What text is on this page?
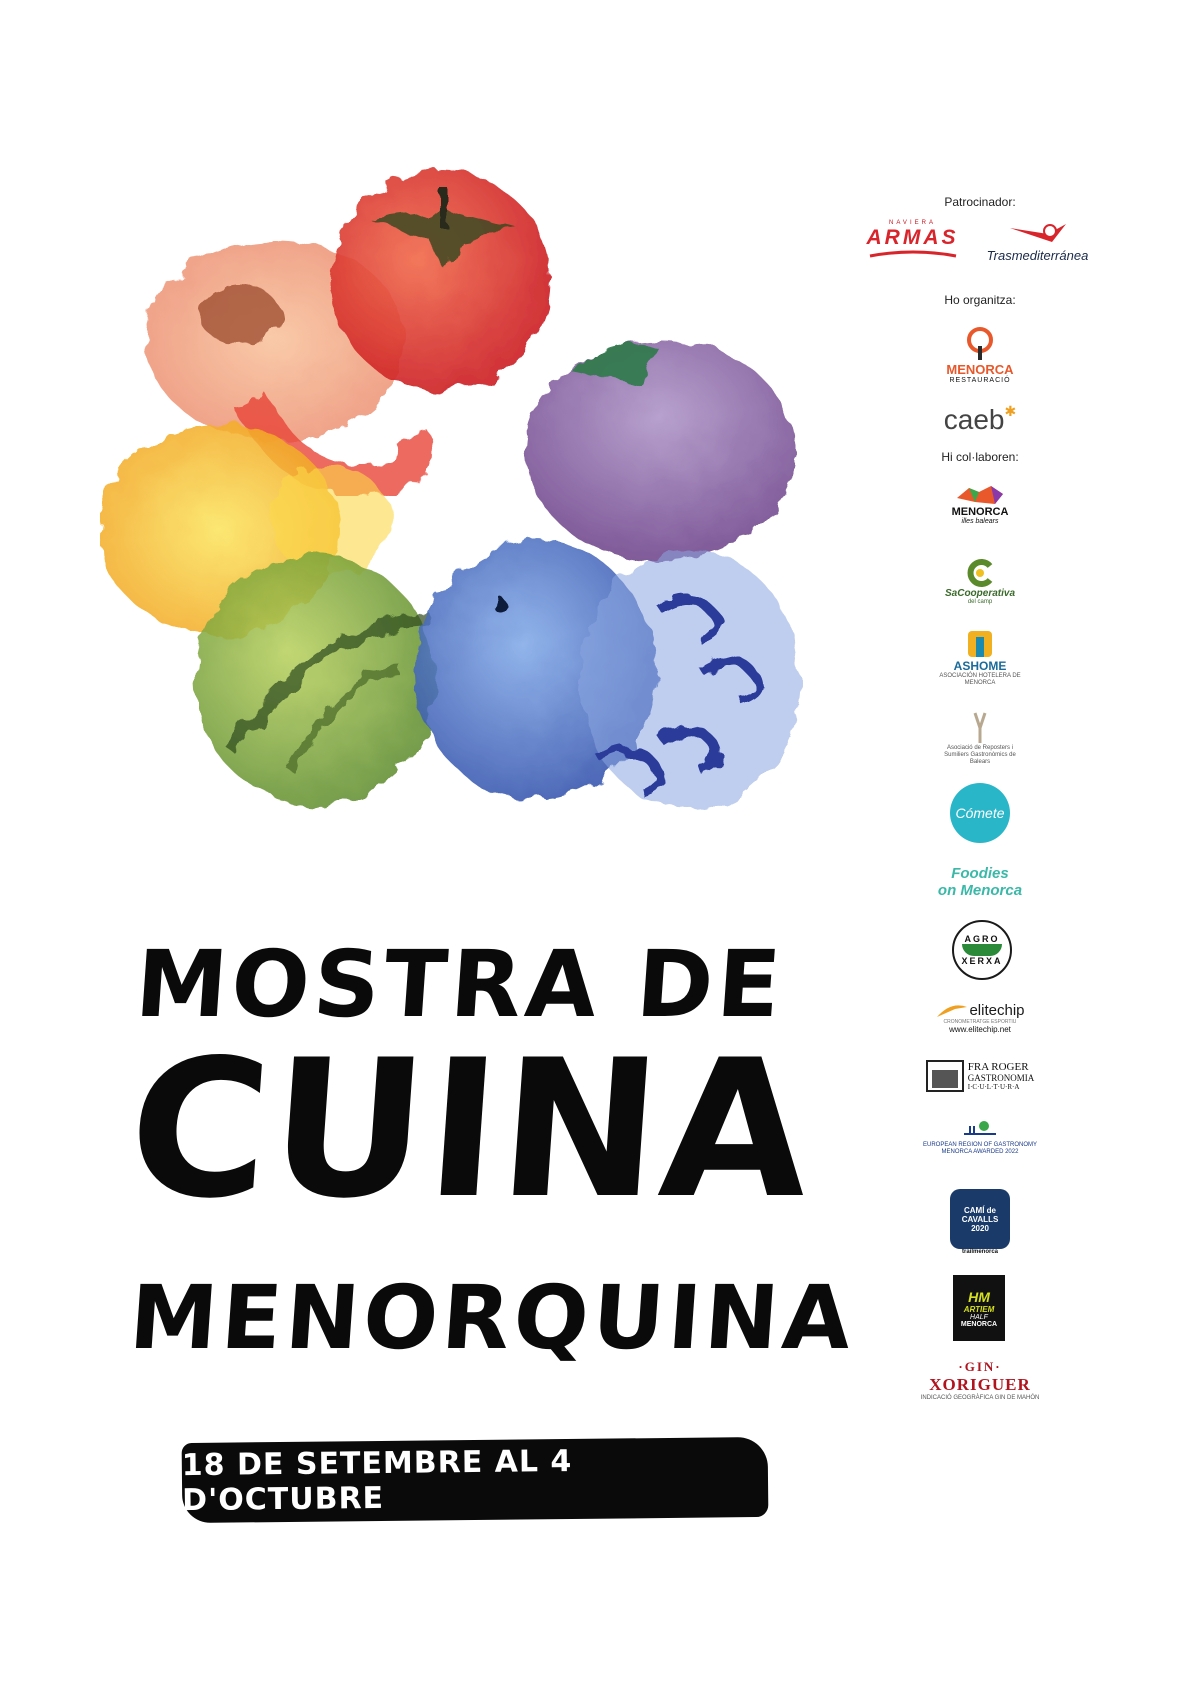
MOSTRA DE
CUINA
MENORQUINA
18 DE SETEMBRE AL 4 D'OCTUBRE
Patrocinador:
NAVIERA
ARMAS
Trasmediterránea
Ho organitza:
MENORCA
RESTAURACIÓ
caeb ✱
Hi col·laboren:
MENORCA
illes balears
SaCooperativa
del camp
ASHOME
ASOCIACIÓN HOTELERA DE MENORCA
Asociació de Reposters i Sumiliers Gastronòmics de Balears
Cómete
Foodies
on Menorca
AGRO
XERXA
elitechip
CRONOMETRATGE ESPORTIU
www.elitechip.net
FRA ROGER
GASTRONOMIA
I·C·U·L·T·U·R·A
EUROPEAN REGION OF GASTRONOMY
MENORCA AWARDED 2022
CAMÍ de CAVALLS
2020
trailmenorca
HM
ARTIEM
HALF
MENORCA
·GIN·
XORIGUER
INDICACIÓ GEOGRÀFICA GIN DE MAHÓN
